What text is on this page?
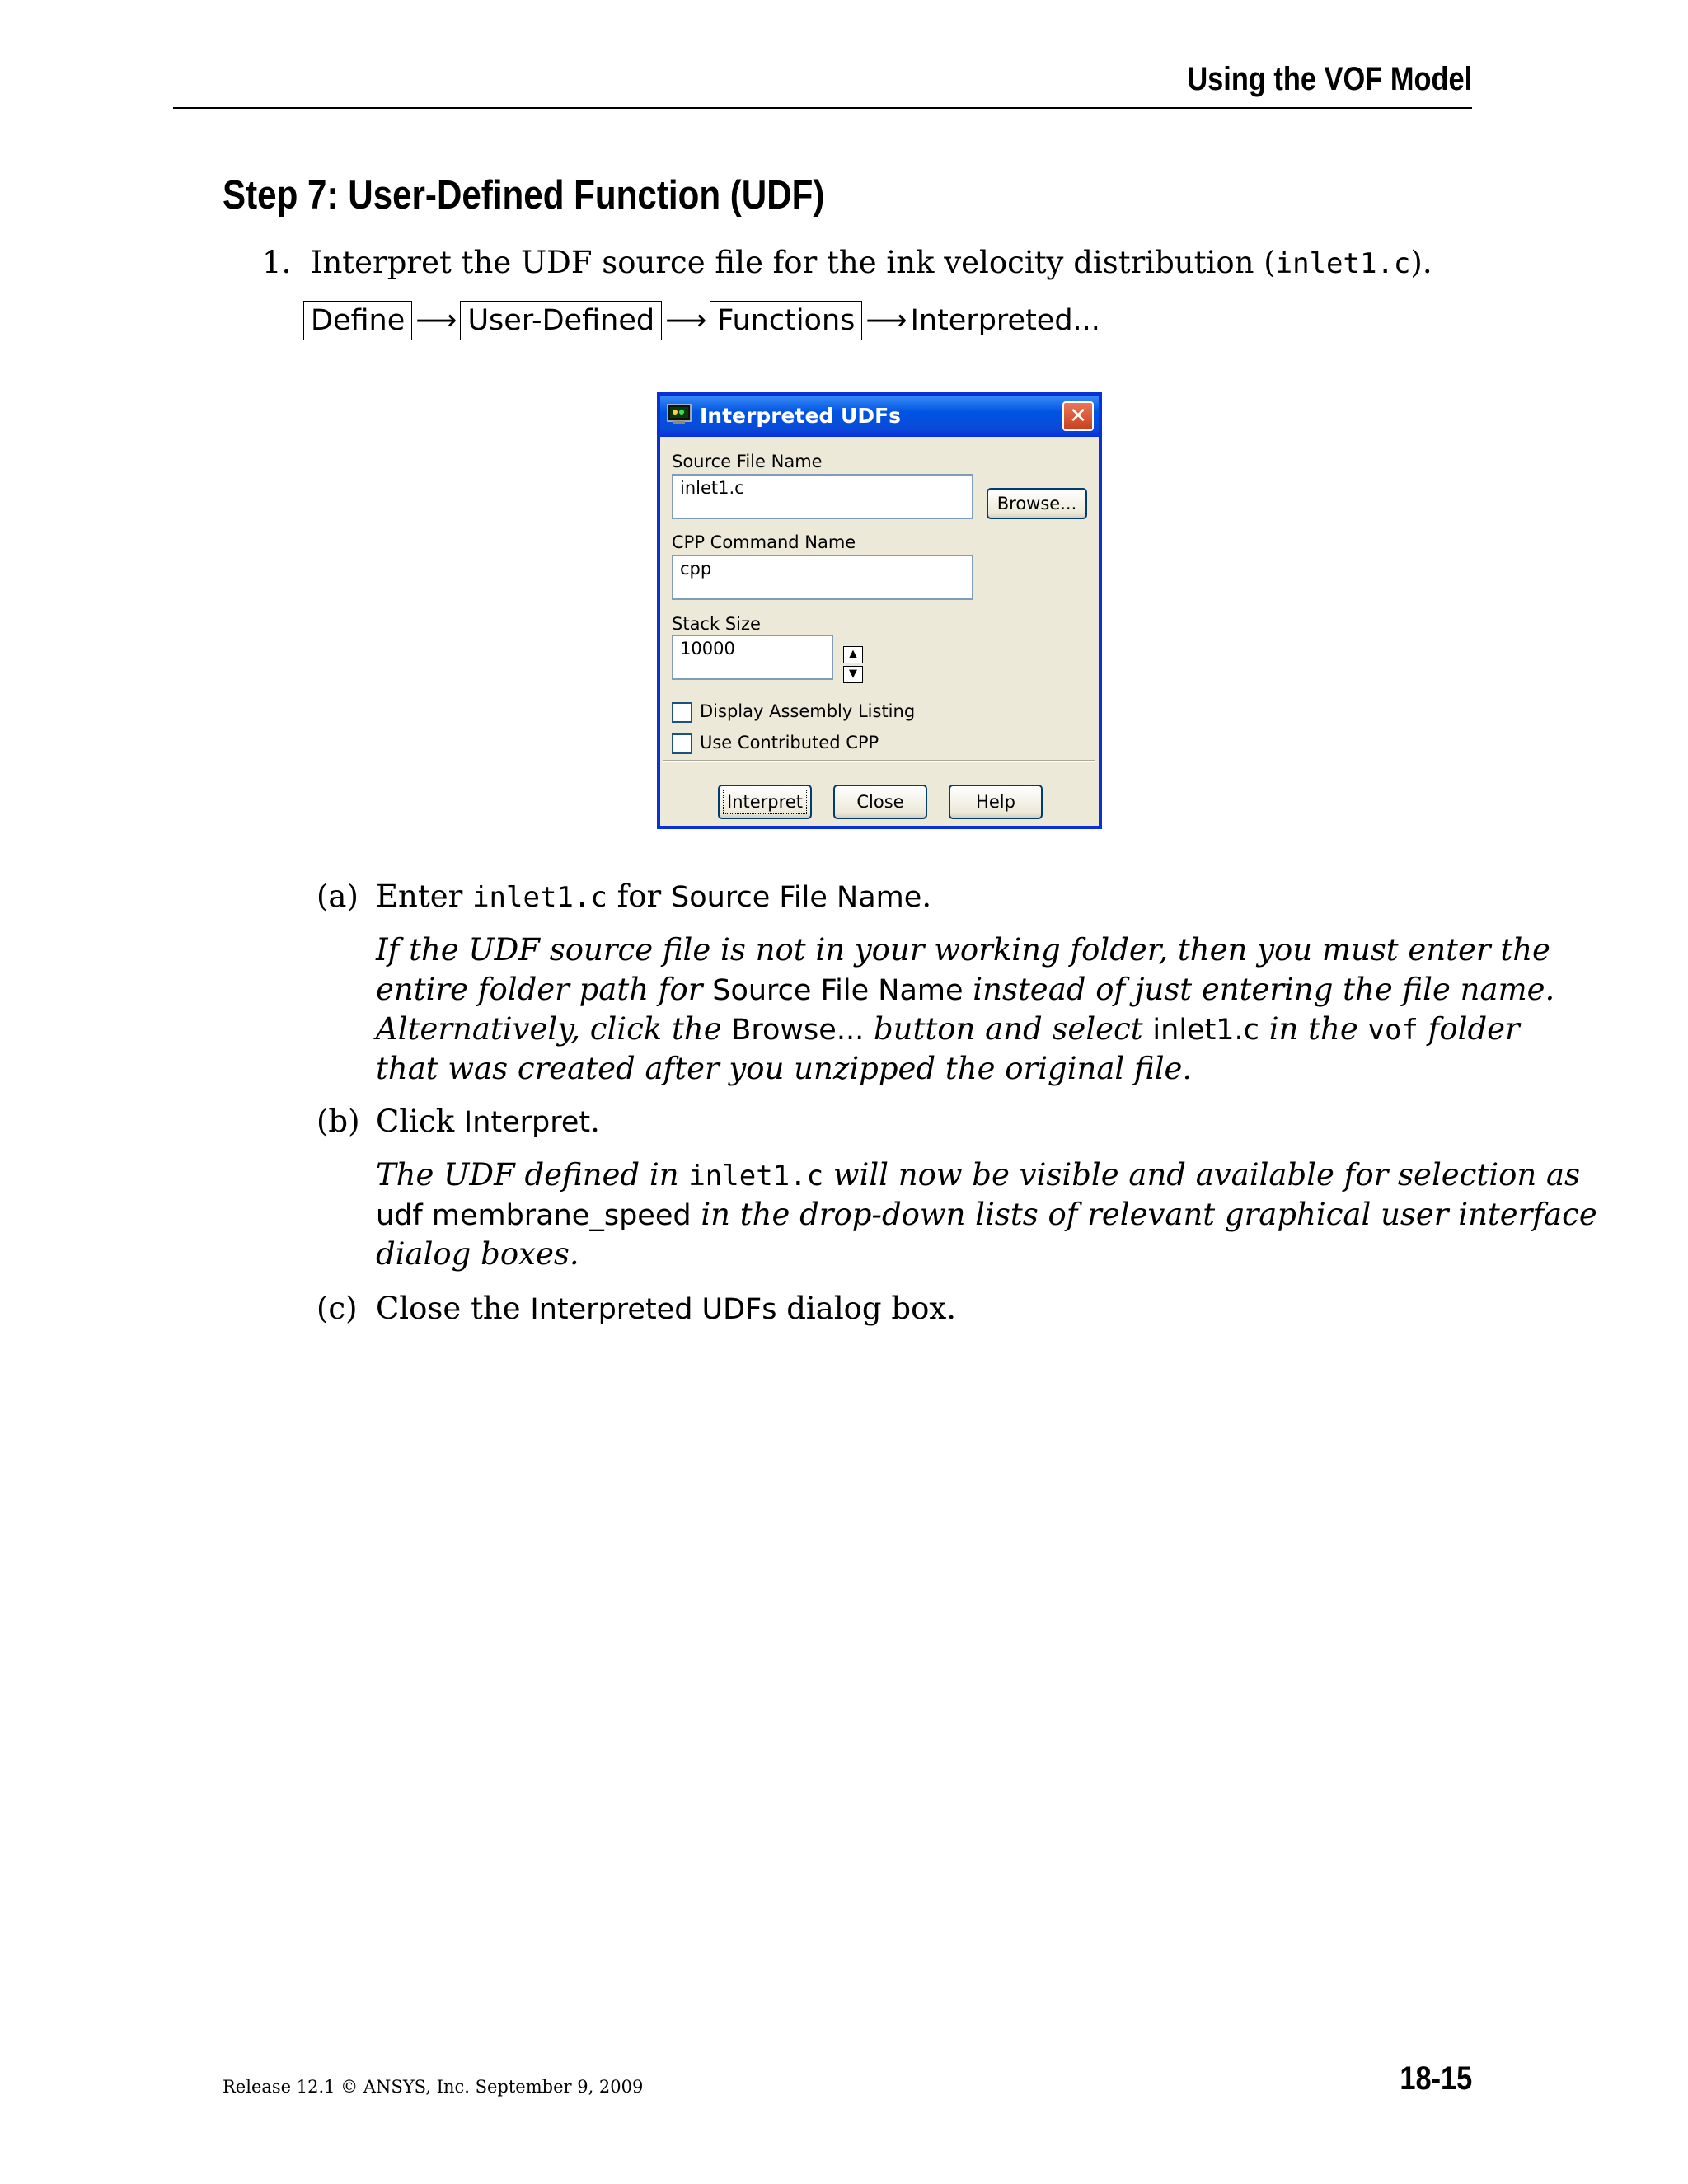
Using the VOF Model
Step 7: User-Defined Function (UDF)
1. Interpret the UDF source file for the ink velocity distribution (inlet1.c).
Define ⟶ User-Defined ⟶ Functions ⟶ Interpreted...
Interpreted UDFs	✕
Source File Name
inlet1.c
Browse...
CPP Command Name
cpp
Stack Size
10000	▲
▼
Display Assembly Listing
Use Contributed CPP
Interpret	Close	Help
(a) Enter inlet1.c for Source File Name.
If the UDF source file is not in your working folder, then you must enter the
entire folder path for Source File Name instead of just entering the file name.
Alternatively, click the Browse... button and select inlet1.c in the vof folder
that was created after you unzipped the original file.
(b) Click Interpret.
The UDF defined in inlet1.c will now be visible and available for selection as
udf membrane_speed in the drop-down lists of relevant graphical user interface
dialog boxes.
(c) Close the Interpreted UDFs dialog box.
Release 12.1 © ANSYS, Inc. September 9, 2009	18-15
